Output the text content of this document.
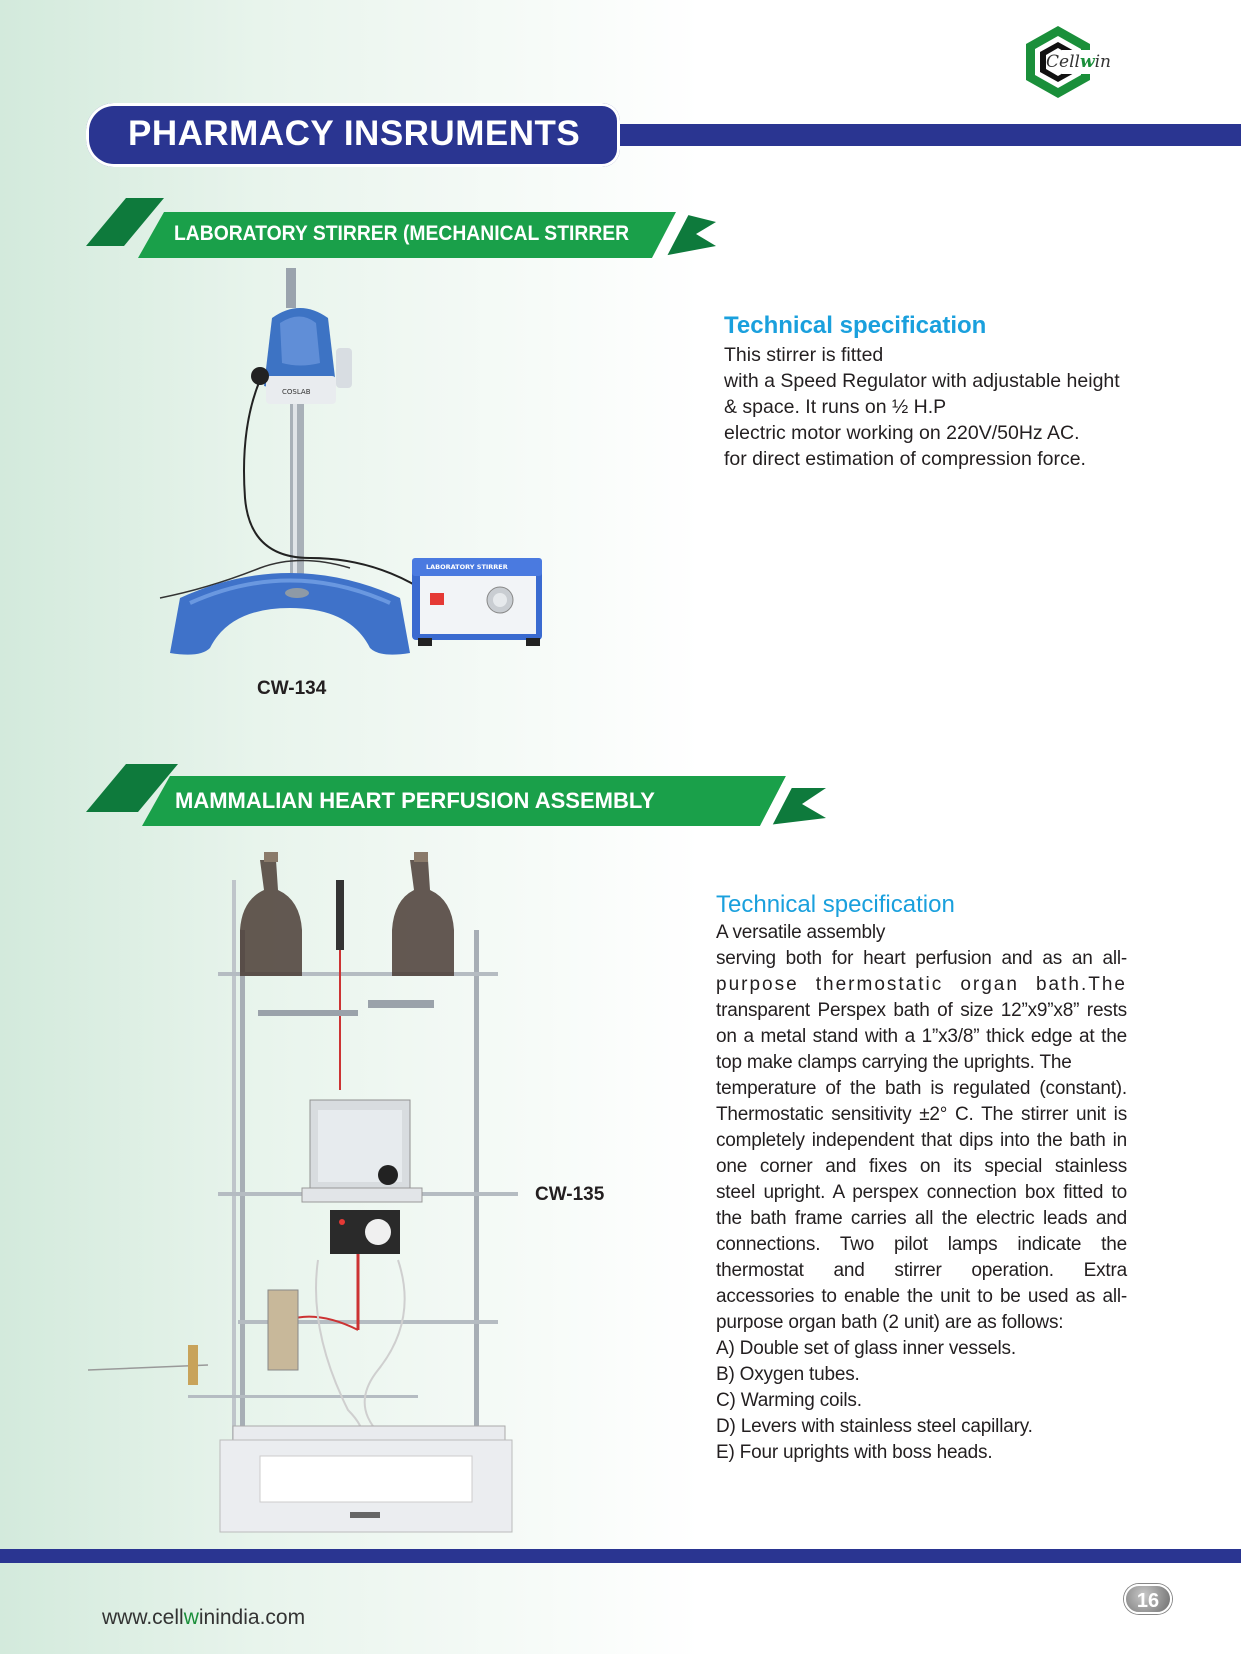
Cellwin
PHARMACY INSRUMENTS
LABORATORY STIRRER (MECHANICAL STIRRER
COSLAB
LABORATORY STIRRER
CW-134
Technical specification

This stirrer is fitted

with a Speed Regulator with adjustable height

& space. It runs on ½ H.P

electric motor working on 220V/50Hz AC.

for direct estimation of compression force.

MAMMALIAN HEART PERFUSION ASSEMBLY
CW-135
Technical specification

A versatile assembly

serving both for heart perfusion and as an all-

purpose thermostatic organ bath.The

transparent Perspex bath of size 12”x9”x8” rests

on a metal stand with a 1”x3/8” thick edge at the

top make clamps carrying the uprights. The

temperature of the bath is regulated (constant).

Thermostatic sensitivity ±2° C. The stirrer unit is

completely independent that dips into the bath in

one corner and fixes on its special stainless

steel upright. A perspex connection box fitted to

the bath frame carries all the electric leads and

connections. Two pilot lamps indicate the

thermostat and stirrer operation. Extra

accessories to enable the unit to be used as all-

purpose organ bath (2 unit) are as follows:

A) Double set of glass inner vessels.

B) Oxygen tubes.

C) Warming coils.

D) Levers with stainless steel capillary.

E) Four uprights with boss heads.

www.cellwinindia.com
16
